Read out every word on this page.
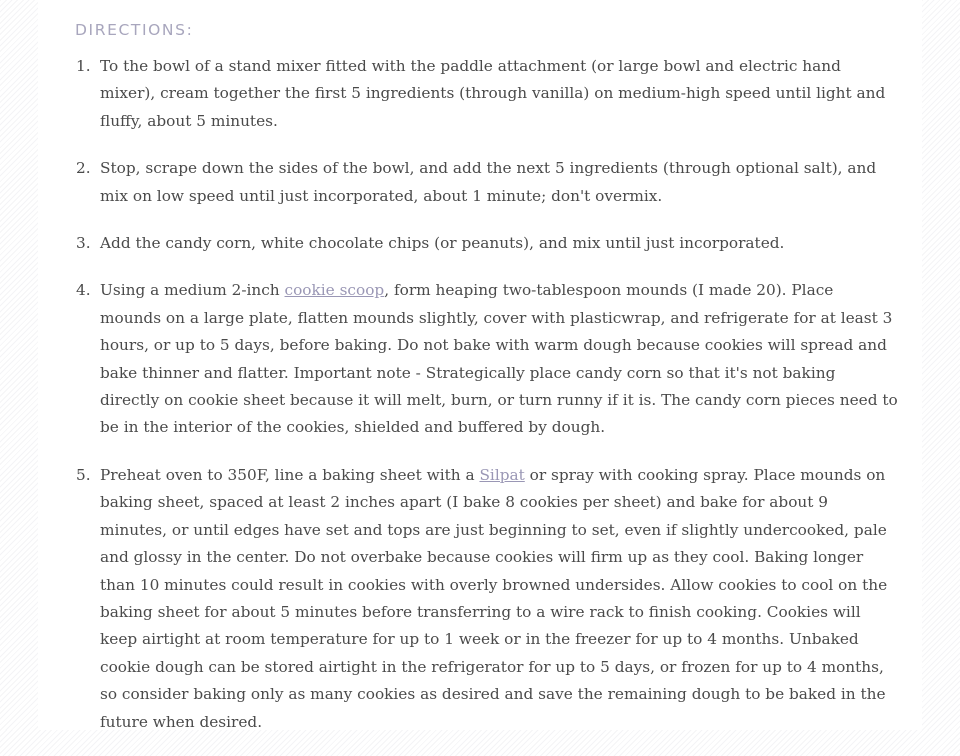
DIRECTIONS:
1. To the bowl of a stand mixer fitted with the paddle attachment (or large bowl and electric hand mixer), cream together the first 5 ingredients (through vanilla) on medium-high speed until light and fluffy, about 5 minutes.
2. Stop, scrape down the sides of the bowl, and add the next 5 ingredients (through optional salt), and mix on low speed until just incorporated, about 1 minute; don't overmix.
3. Add the candy corn, white chocolate chips (or peanuts), and mix until just incorporated.
4. Using a medium 2-inch cookie scoop, form heaping two-tablespoon mounds (I made 20). Place mounds on a large plate, flatten mounds slightly, cover with plasticwrap, and refrigerate for at least 3 hours, or up to 5 days, before baking. Do not bake with warm dough because cookies will spread and bake thinner and flatter. Important note - Strategically place candy corn so that it's not baking directly on cookie sheet because it will melt, burn, or turn runny if it is. The candy corn pieces need to be in the interior of the cookies, shielded and buffered by dough.
5. Preheat oven to 350F, line a baking sheet with a Silpat or spray with cooking spray. Place mounds on baking sheet, spaced at least 2 inches apart (I bake 8 cookies per sheet) and bake for about 9 minutes, or until edges have set and tops are just beginning to set, even if slightly undercooked, pale and glossy in the center. Do not overbake because cookies will firm up as they cool. Baking longer than 10 minutes could result in cookies with overly browned undersides. Allow cookies to cool on the baking sheet for about 5 minutes before transferring to a wire rack to finish cooking. Cookies will keep airtight at room temperature for up to 1 week or in the freezer for up to 4 months. Unbaked cookie dough can be stored airtight in the refrigerator for up to 5 days, or frozen for up to 4 months, so consider baking only as many cookies as desired and save the remaining dough to be baked in the future when desired.
